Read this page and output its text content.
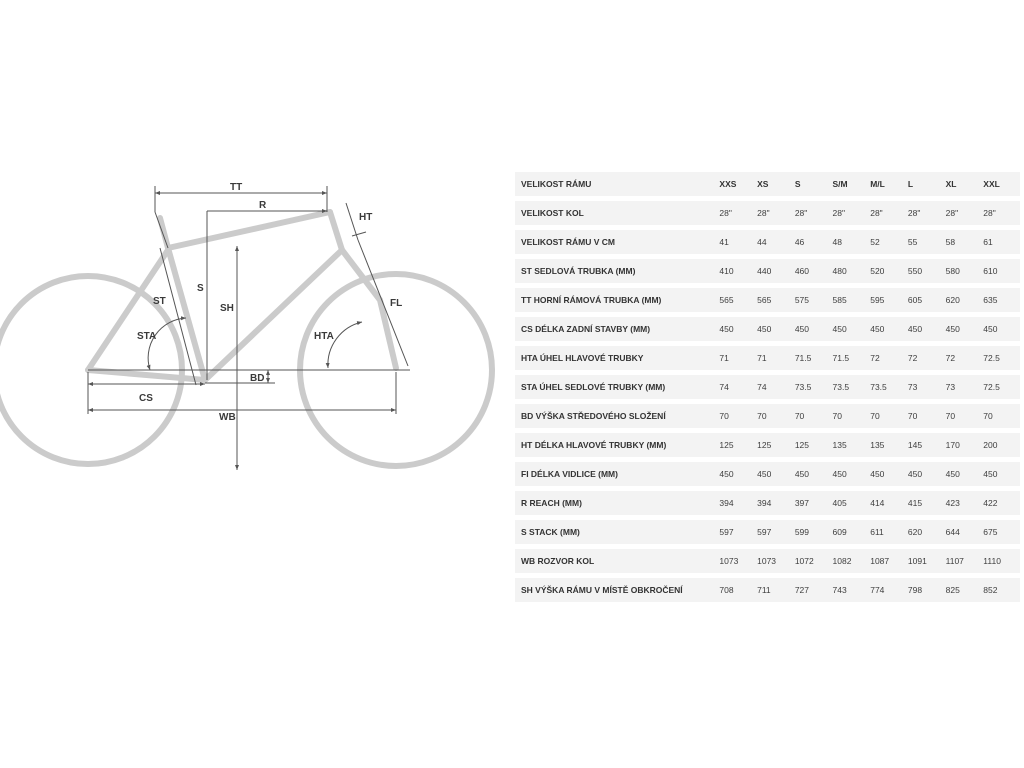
TT
R
HT
ST
S
SH
STA	HTA
FL
BD
CS
WB
VELIKOST RÁMU	XXS	XS	S	S/M	M/L	L	XL	XXL
VELIKOST KOL	28"	28"	28"	28"	28"	28"	28"	28"
VELIKOST RÁMU V CM	41	44	46	48	52	55	58	61
ST SEDLOVÁ TRUBKA (MM)	410	440	460	480	520	550	580	610
TT HORNÍ RÁMOVÁ TRUBKA (MM)	565	565	575	585	595	605	620	635
CS DÉLKA ZADNÍ STAVBY (MM)	450	450	450	450	450	450	450	450
HTA ÚHEL HLAVOVÉ TRUBKY	71	71	71.5	71.5	72	72	72	72.5
STA ÚHEL SEDLOVÉ TRUBKY (MM)	74	74	73.5	73.5	73.5	73	73	72.5
BD VÝŠKA STŘEDOVÉHO SLOŽENÍ	70	70	70	70	70	70	70	70
HT DÉLKA HLAVOVÉ TRUBKY (MM)	125	125	125	135	135	145	170	200
FI DÉLKA VIDLICE (MM)	450	450	450	450	450	450	450	450
R REACH (MM)	394	394	397	405	414	415	423	422
S STACK (MM)	597	597	599	609	611	620	644	675
WB ROZVOR KOL	1073	1073	1072	1082	1087	1091	1107	1110
SH VÝŠKA RÁMU V MÍSTĚ OBKROČENÍ	708	711	727	743	774	798	825	852
